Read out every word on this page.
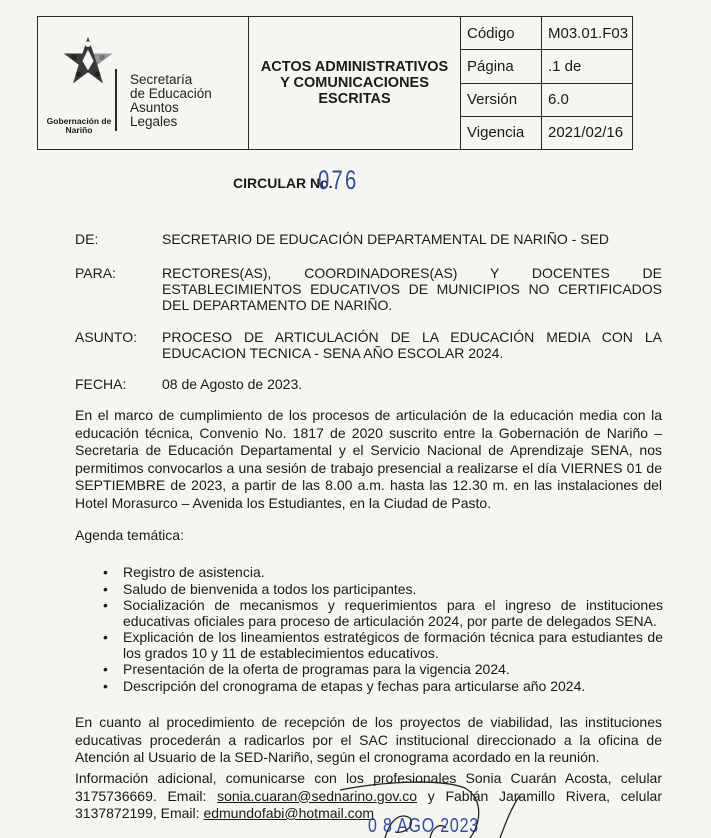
Gobernación de Nariño
Secretaría
de Educación
Asuntos
Legales
ACTOS ADMINISTRATIVOS
Y COMUNICACIONES
ESCRITAS
Código	M03.01.F03
Página	.1 de
Versión	6.0
Vigencia	2021/02/16
CIRCULAR No.
076
DE:	SECRETARIO DE EDUCACIÓN DEPARTAMENTAL DE NARIÑO - SED
PARA:	RECTORES(AS), COORDINADORES(AS) Y DOCENTES DE ESTABLECIMIENTOS EDUCATIVOS DE MUNICIPIOS NO CERTIFICADOS DEL DEPARTAMENTO DE NARIÑO.
ASUNTO: PROCESO DE ARTICULACIÓN DE LA EDUCACIÓN MEDIA CON LA EDUCACION TECNICA - SENA AÑO ESCOLAR 2024.
FECHA:	08 de Agosto de 2023.
En el marco de cumplimiento de los procesos de articulación de la educación media con la educación técnica, Convenio No. 1817 de 2020 suscrito entre la Gobernación de Nariño – Secretaria de Educación Departamental y el Servicio Nacional de Aprendizaje SENA, nos permitimos convocarlos a una sesión de trabajo presencial a realizarse el día VIERNES 01 de SEPTIEMBRE de 2023, a partir de las 8.00 a.m. hasta las 12.30 m. en las instalaciones del Hotel Morasurco – Avenida los Estudiantes, en la Ciudad de Pasto.
Agenda temática:
• Registro de asistencia.
• Saludo de bienvenida a todos los participantes.
• Socialización de mecanismos y requerimientos para el ingreso de instituciones educativas oficiales para proceso de articulación 2024, por parte de delegados SENA.
• Explicación de los lineamientos estratégicos de formación técnica para estudiantes de los grados 10 y 11 de establecimientos educativos.
• Presentación de la oferta de programas para la vigencia 2024.
• Descripción del cronograma de etapas y fechas para articularse año 2024.
En cuanto al procedimiento de recepción de los proyectos de viabilidad, las instituciones educativas procederán a radicarlos por el SAC institucional direccionado a la oficina de Atención al Usuario de la SED-Nariño, según el cronograma acordado en la reunión.
Información adicional, comunicarse con los profesionales Sonia Cuarán Acosta, celular 3175736669. Email: sonia.cuaran@sednarino.gov.co y Fabián Jaramillo Rivera, celular 3137872199, Email: edmundofabi@hotmail.com
0 8 AGO 2023
